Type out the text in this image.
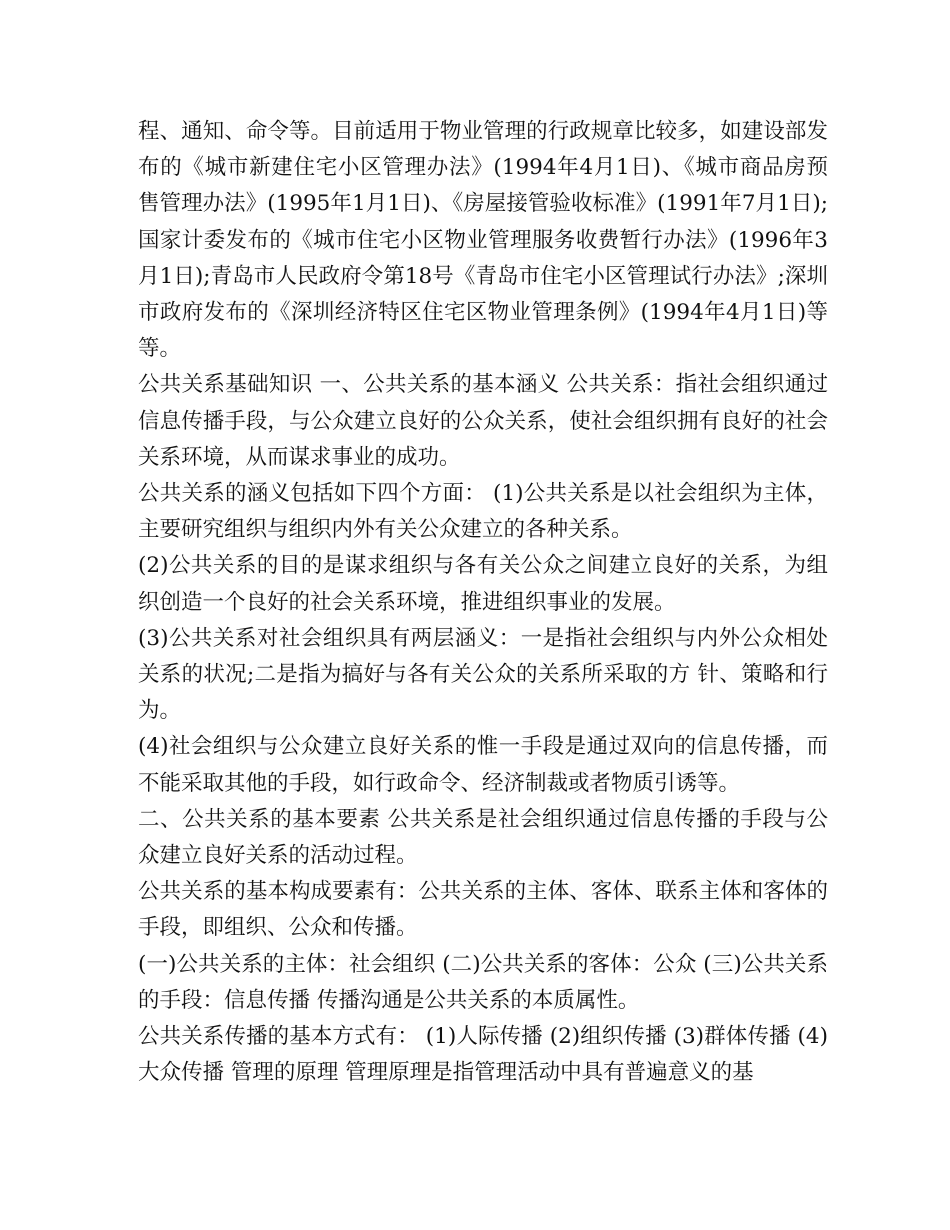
程、通知、命令等。目前适用于物业管理的行政规章比较多，如建设部发布的《城市新建住宅小区管理办法》(1994年4月1日)、《城市商品房预售管理办法》(1995年1月1日)、《房屋接管验收标准》(1991年7月1日);国家计委发布的《城市住宅小区物业管理服务收费暂行办法》(1996年3月1日);青岛市人民政府令第18号《青岛市住宅小区管理试行办法》;深圳市政府发布的《深圳经济特区住宅区物业管理条例》(1994年4月1日)等等。

公共关系基础知识 一、公共关系的基本涵义 公共关系：指社会组织通过信息传播手段，与公众建立良好的公众关系，使社会组织拥有良好的社会关系环境，从而谋求事业的成功。

公共关系的涵义包括如下四个方面： (1)公共关系是以社会组织为主体，主要研究组织与组织内外有关公众建立的各种关系。

(2)公共关系的目的是谋求组织与各有关公众之间建立良好的关系，为组织创造一个良好的社会关系环境，推进组织事业的发展。

(3)公共关系对社会组织具有两层涵义：一是指社会组织与内外公众相处关系的状况;二是指为搞好与各有关公众的关系所采取的方 针、策略和行为。

(4)社会组织与公众建立良好关系的惟一手段是通过双向的信息传播，而不能采取其他的手段，如行政命令、经济制裁或者物质引诱等。

二、公共关系的基本要素 公共关系是社会组织通过信息传播的手段与公众建立良好关系的活动过程。

公共关系的基本构成要素有：公共关系的主体、客体、联系主体和客体的手段，即组织、公众和传播。

(一)公共关系的主体：社会组织 (二)公共关系的客体：公众 (三)公共关系的手段：信息传播 传播沟通是公共关系的本质属性。

公共关系传播的基本方式有： (1)人际传播 (2)组织传播 (3)群体传播 (4)大众传播 管理的原理 管理原理是指管理活动中具有普遍意义的基
